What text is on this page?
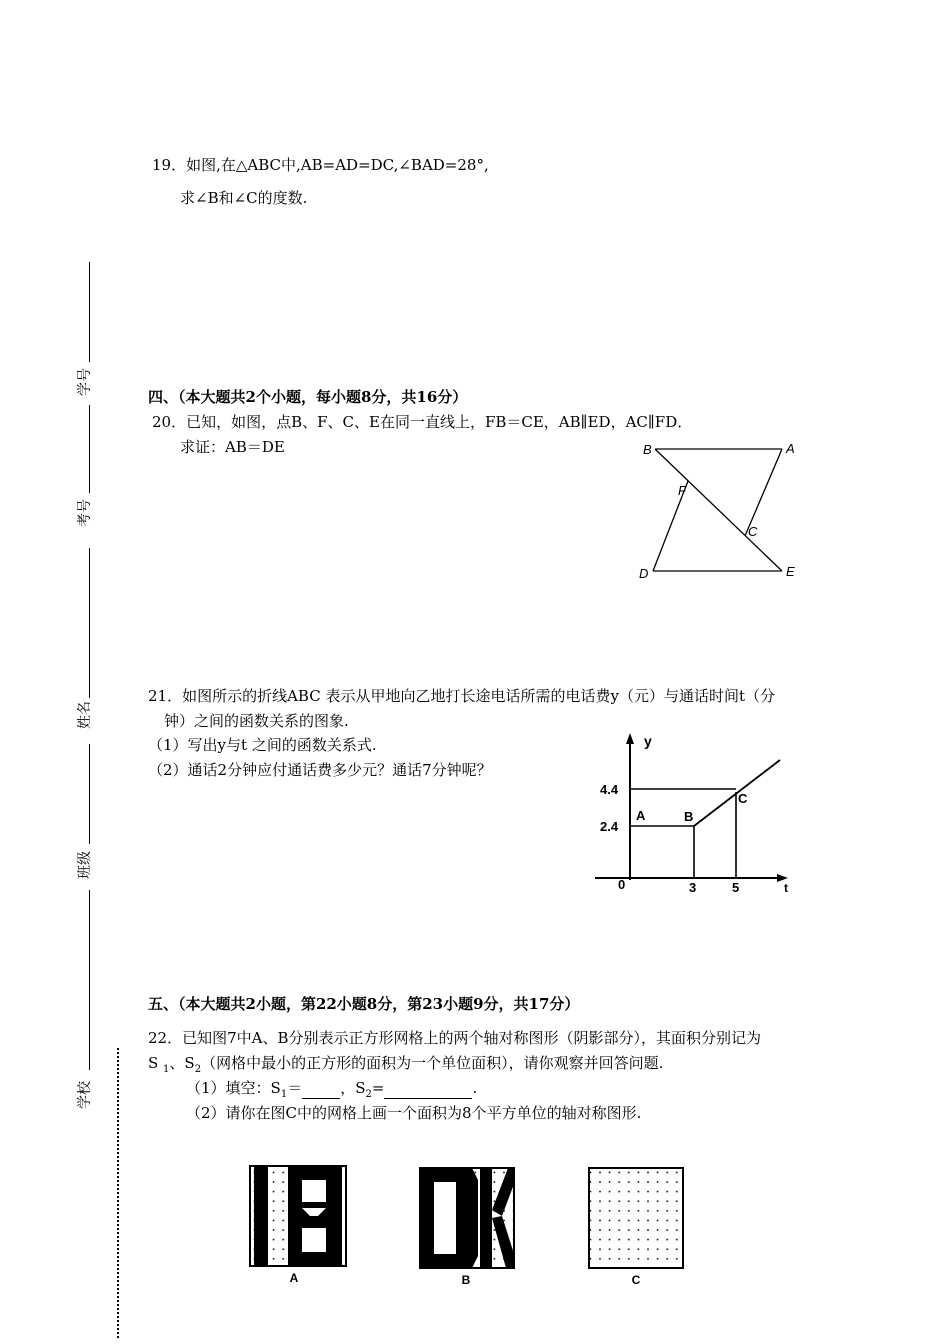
学号
考号
姓名
班级
学校
19．如图,在△ABC中,AB=AD=DC,∠BAD=28°,
求∠B和∠C的度数.
四、（本大题共2个小题，每小题8分，共16分）
20．已知，如图，点B、F、C、E在同一直线上，FB＝CE，AB∥ED，AC∥FD．
求证：AB＝DE	B	A
F
C
D	E
21．如图所示的折线ABC 表示从甲地向乙地打长途电话所需的电话费y（元）与通话时间t（分
钟）之间的函数关系的图象.
（1）写出y与t 之间的函数关系式.
（2）通话2分钟应付通话费多少元？通话7分钟呢？
y
t
0
4.4
2.4
3	5
A	B
C
五、（本大题共2小题，第22小题8分，第23小题9分，共17分）
22．已知图7中A、B分别表示正方形网格上的两个轴对称图形（阴影部分），其面积分别记为
S $_1$、$S_2$（网格中最小的正方形的面积为一个单位面积），请你观察并回答问题.
（1）填空：$S_1=$	，$S_2=$	.
（2）请你在图C中的网格上画一个面积为8个平方单位的轴对称图形.
A	B	C
